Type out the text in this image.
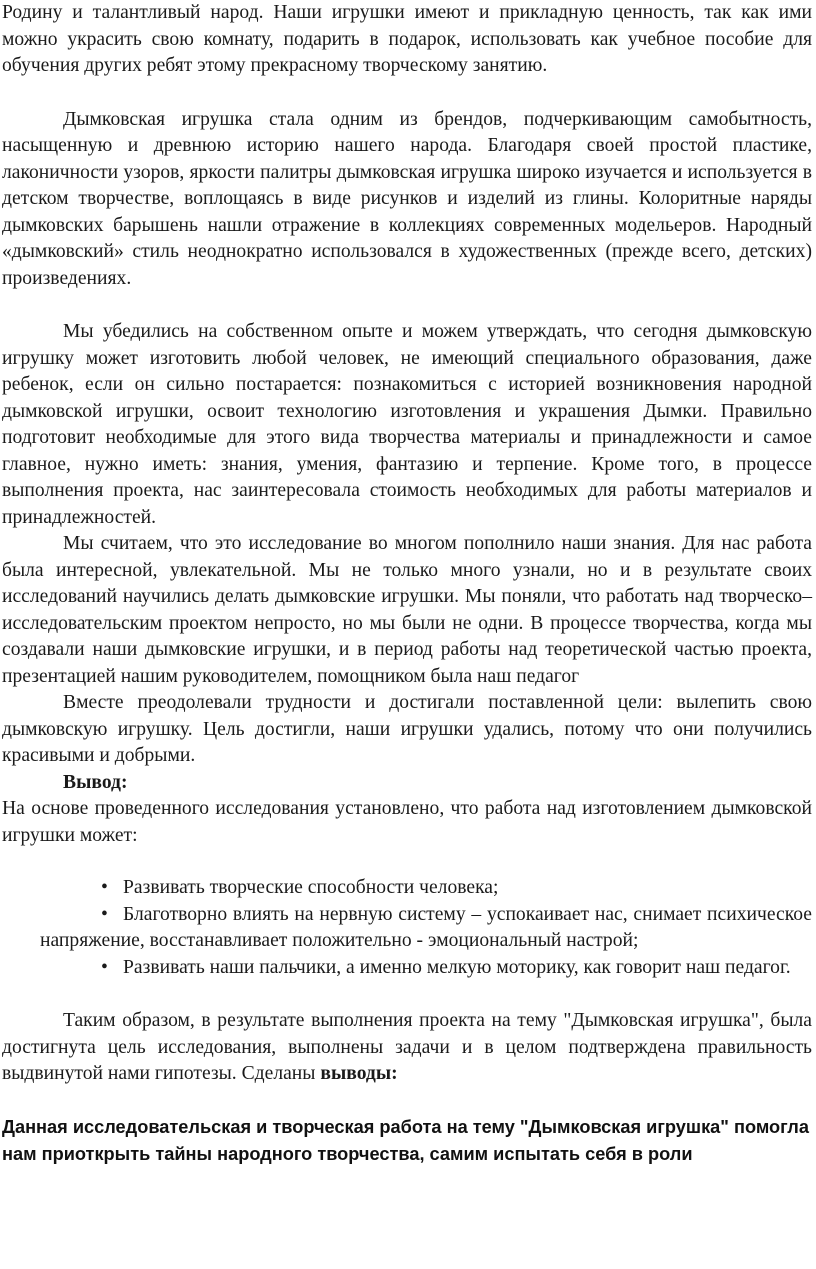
Родину и талантливый народ. Наши игрушки имеют и прикладную ценность, так как ими можно украсить свою комнату, подарить в подарок, использовать как учебное пособие для обучения других ребят этому прекрасному творческому занятию.

Дымковская игрушка стала одним из брендов, подчеркивающим самобытность, насыщенную и древнюю историю нашего народа. Благодаря своей простой пластике, лаконичности узоров, яркости палитры дымковская игрушка широко изучается и используется в детском творчестве, воплощаясь в виде рисунков и изделий из глины. Колоритные наряды дымковских барышень нашли отражение в коллекциях современных модельеров. Народный «дымковский» стиль неоднократно использовался в художественных (прежде всего, детских) произведениях.

Мы убедились на собственном опыте и можем утверждать, что сегодня дымковскую игрушку может изготовить любой человек, не имеющий специального образования, даже ребенок, если он сильно постарается: познакомиться с историей возникновения народной дымковской игрушки, освоит технологию изготовления и украшения Дымки. Правильно подготовит необходимые для этого вида творчества материалы и принадлежности и самое главное, нужно иметь: знания, умения, фантазию и терпение. Кроме того, в процессе выполнения проекта, нас заинтересовала стоимость необходимых для работы материалов и принадлежностей.

Мы считаем, что это исследование во многом пополнило наши знания. Для нас работа была интересной, увлекательной. Мы не только много узнали, но и в результате своих исследований научились делать дымковские игрушки. Мы поняли, что работать над творческо–исследовательским проектом непросто, но мы были не одни. В процессе творчества, когда мы создавали наши дымковские игрушки, и в период работы над теоретической частью проекта, презентацией нашим руководителем, помощником была наш педагог

Вместе преодолевали трудности и достигали поставленной цели: вылепить свою дымковскую игрушку. Цель достигли, наши игрушки удались, потому что они получились красивыми и добрыми.

Вывод:

На основе проведенного исследования установлено, что работа над изготовлением дымковской игрушки может:

• Развивать творческие способности человека;
• Благотворно влиять на нервную систему – успокаивает нас, снимает психическое напряжение, восстанавливает положительно - эмоциональный настрой;
• Развивать наши пальчики, а именно мелкую моторику, как говорит наш педагог.

Таким образом, в результате выполнения проекта на тему "Дымковская игрушка", была достигнута цель исследования, выполнены задачи и в целом подтверждена правильность выдвинутой нами гипотезы. Сделаны выводы:

Данная исследовательская и творческая работа на тему "Дымковская игрушка" помогла нам приоткрыть тайны народного творчества, самим испытать себя в роли
